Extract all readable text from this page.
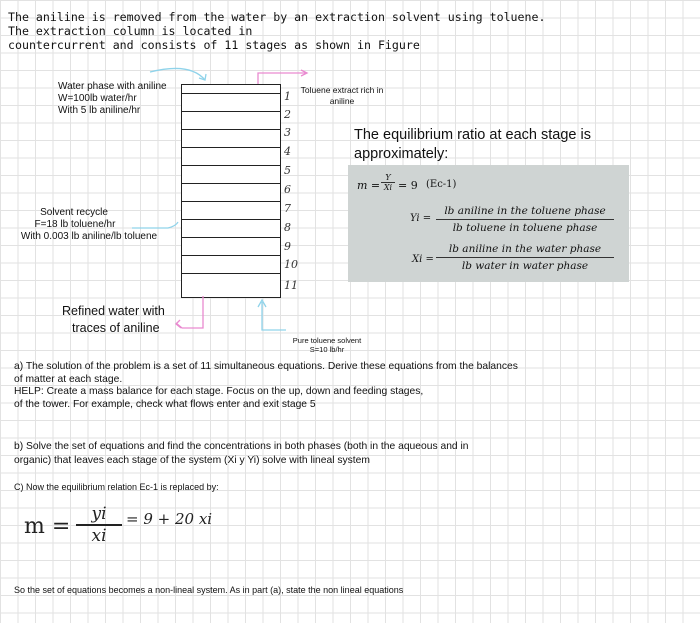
The aniline is removed from the water by an extraction solvent using toluene.
The extraction column is located in
countercurrent and consists of 11 stages as shown in Figure
Water phase with aniline
W=100lb water/hr
With 5 lb aniline/hr
Toluene extract rich in
aniline
Solvent recycle
F=18 lb toluene/hr
With 0.003 lb aniline/lb toluene
Refined water with
traces of aniline
Pure toluene solvent
S=10 lb/hr
1
2
3
4
5
6
7
8
9
10
11
The equilibrium ratio at each stage is
approximately:
m =
Y
Xi = 9 (Ec-1)
Yi =
lb aniline in the toluene phase
lb toluene in toluene phase
Xi =
lb aniline in the water phase
lb water in water phase
a) The solution of the problem is a set of 11 simultaneous equations. Derive these equations from the balances
of matter at each stage.
HELP: Create a mass balance for each stage. Focus on the up, down and feeding stages,
of the tower. For example, check what flows enter and exit stage 5
b) Solve the set of equations and find the concentrations in both phases (both in the aqueous and in
organic) that leaves each stage of the system (Xi y Yi) solve with lineal system
C) Now the equilibrium relation Ec-1 is replaced by:
m =	yi
xi
= 9 + 20 xi
So the set of equations becomes a non-lineal system. As in part (a), state the non lineal equations
